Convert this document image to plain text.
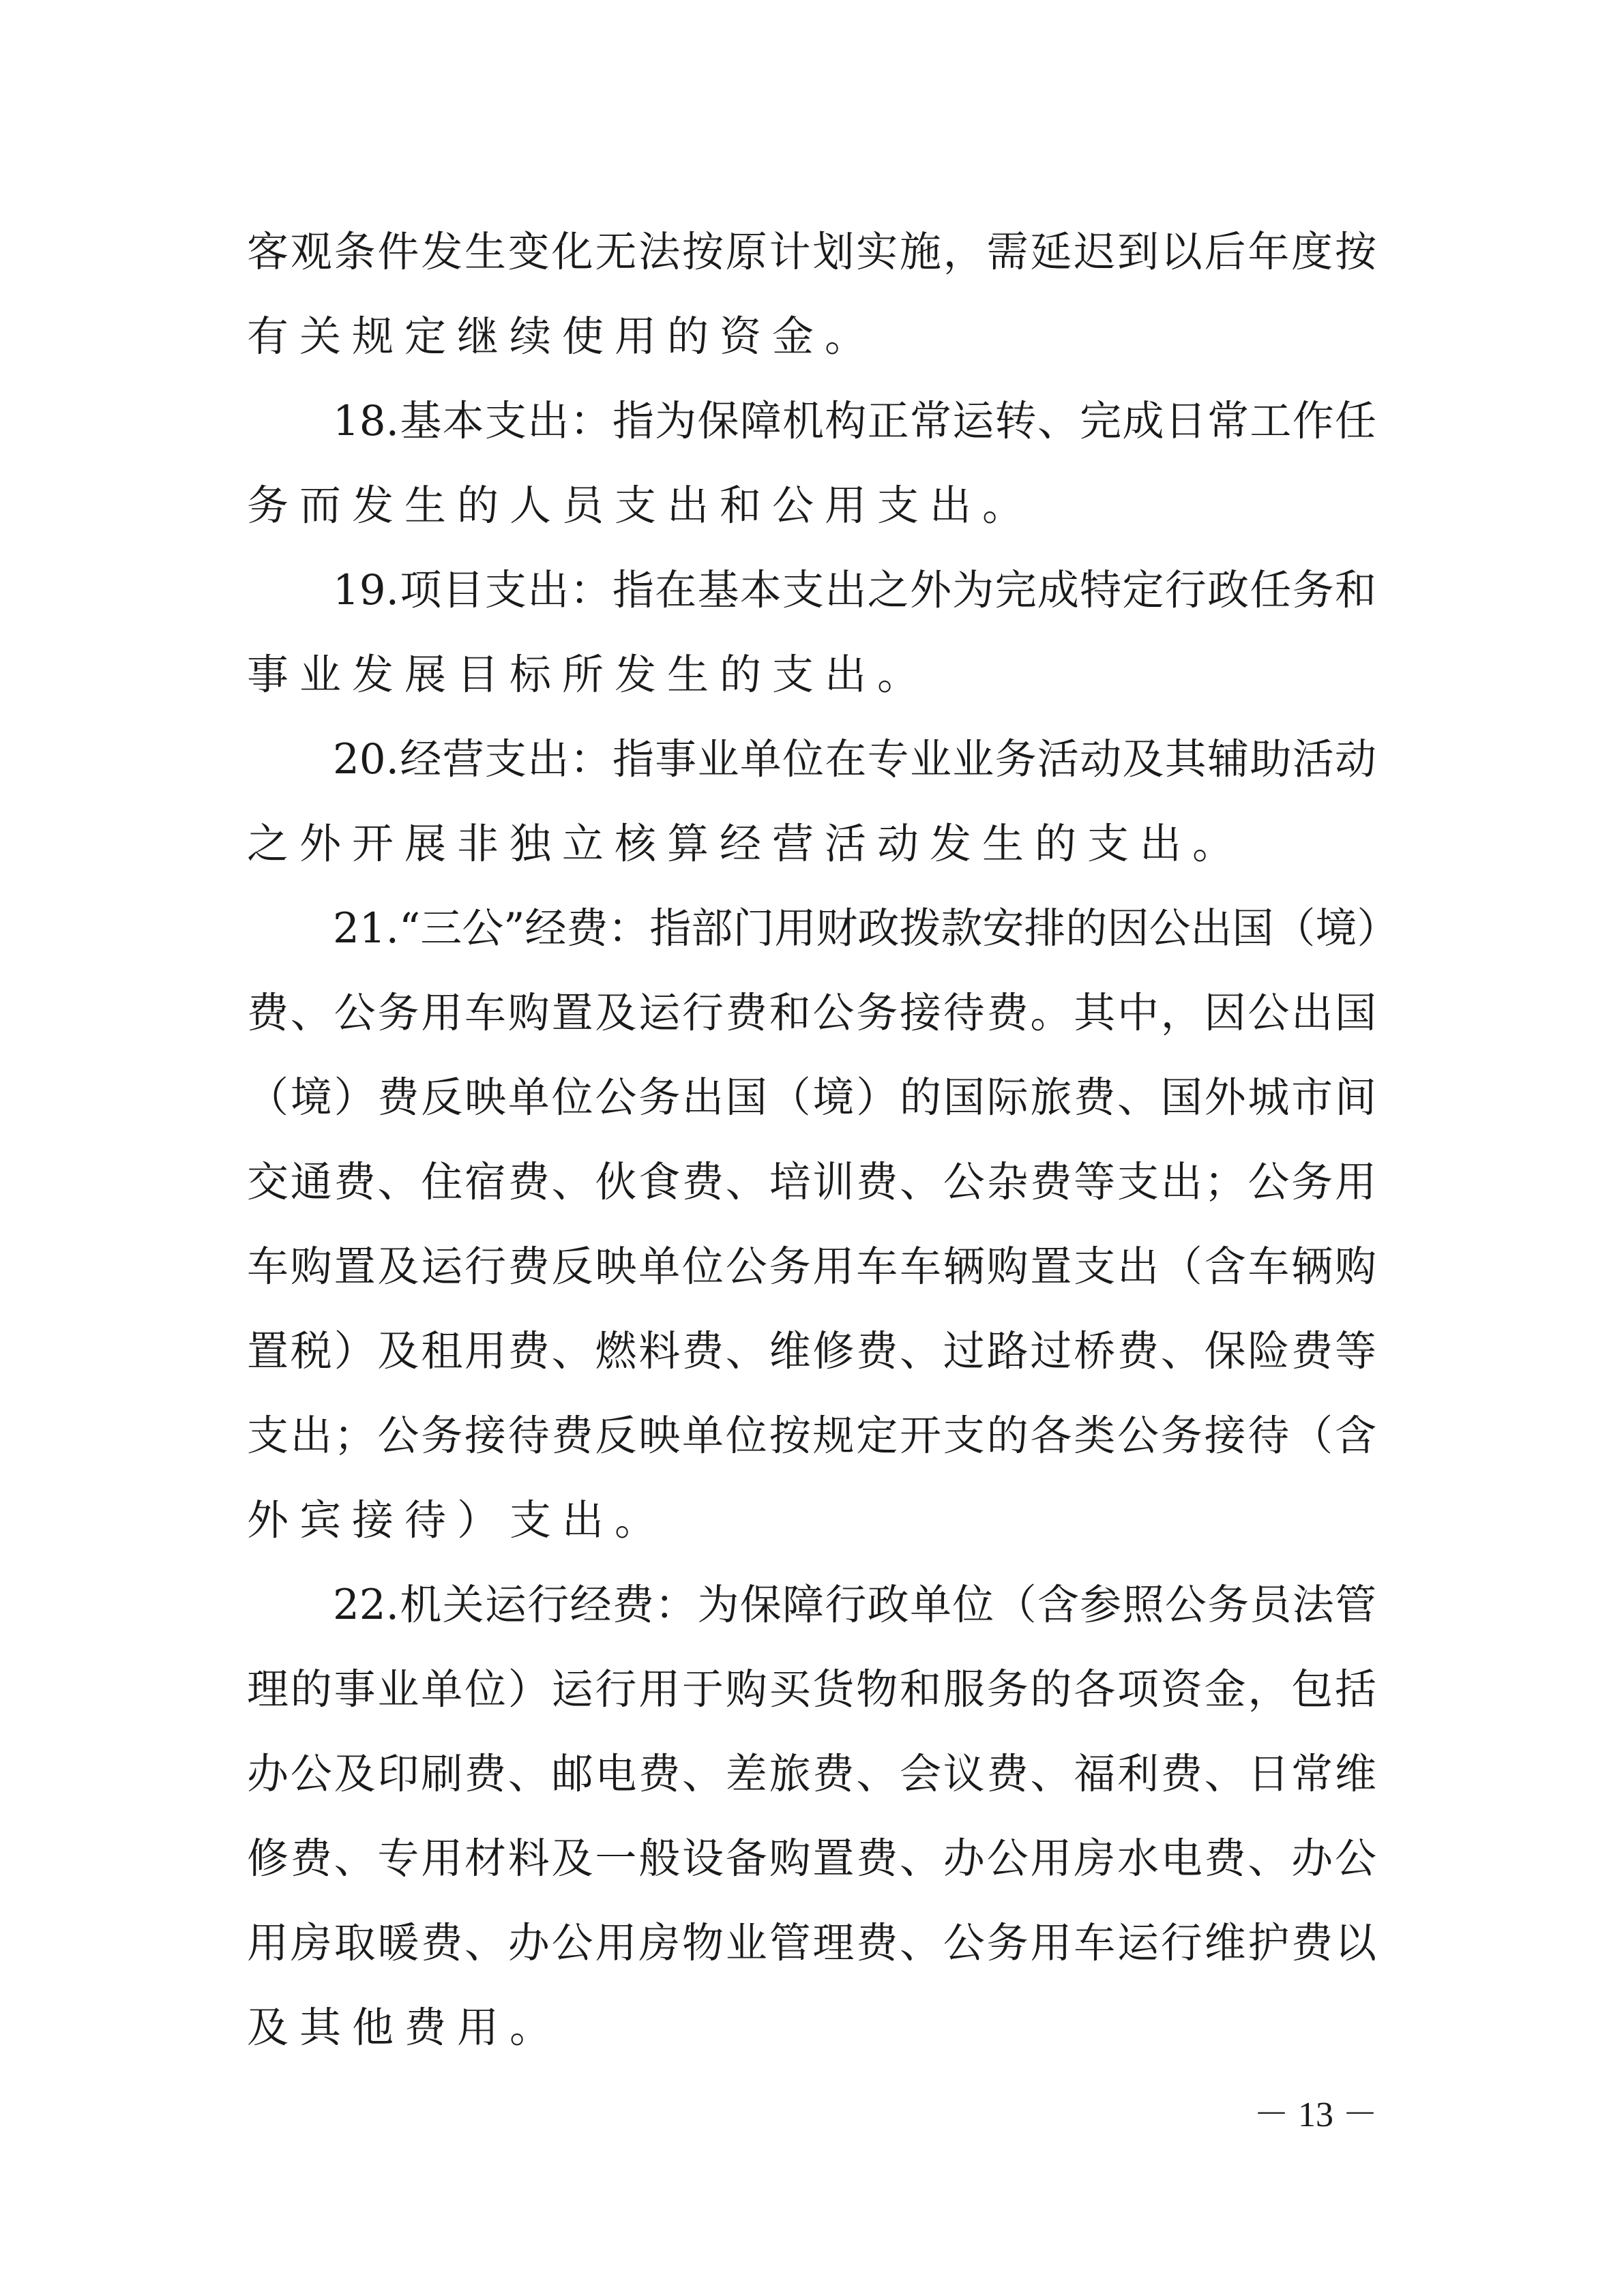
客观条件发生变化无法按原计划实施，需延迟到以后年度按
有关规定继续使用的资金。
18.基本支出：指为保障机构正常运转、完成日常工作任
务而发生的人员支出和公用支出。
19.项目支出：指在基本支出之外为完成特定行政任务和
事业发展目标所发生的支出。
20.经营支出：指事业单位在专业业务活动及其辅助活动
之外开展非独立核算经营活动发生的支出。
21.“三公”经费：指部门用财政拨款安排的因公出国（境）
费、公务用车购置及运行费和公务接待费。其中，因公出国
（境）费反映单位公务出国（境）的国际旅费、国外城市间
交通费、住宿费、伙食费、培训费、公杂费等支出；公务用
车购置及运行费反映单位公务用车车辆购置支出（含车辆购
置税）及租用费、燃料费、维修费、过路过桥费、保险费等
支出；公务接待费反映单位按规定开支的各类公务接待（含
外宾接待）支出。
22.机关运行经费：为保障行政单位（含参照公务员法管
理的事业单位）运行用于购买货物和服务的各项资金，包括
办公及印刷费、邮电费、差旅费、会议费、福利费、日常维
修费、专用材料及一般设备购置费、办公用房水电费、办公
用房取暖费、办公用房物业管理费、公务用车运行维护费以
及其他费用。
－ 13 －
